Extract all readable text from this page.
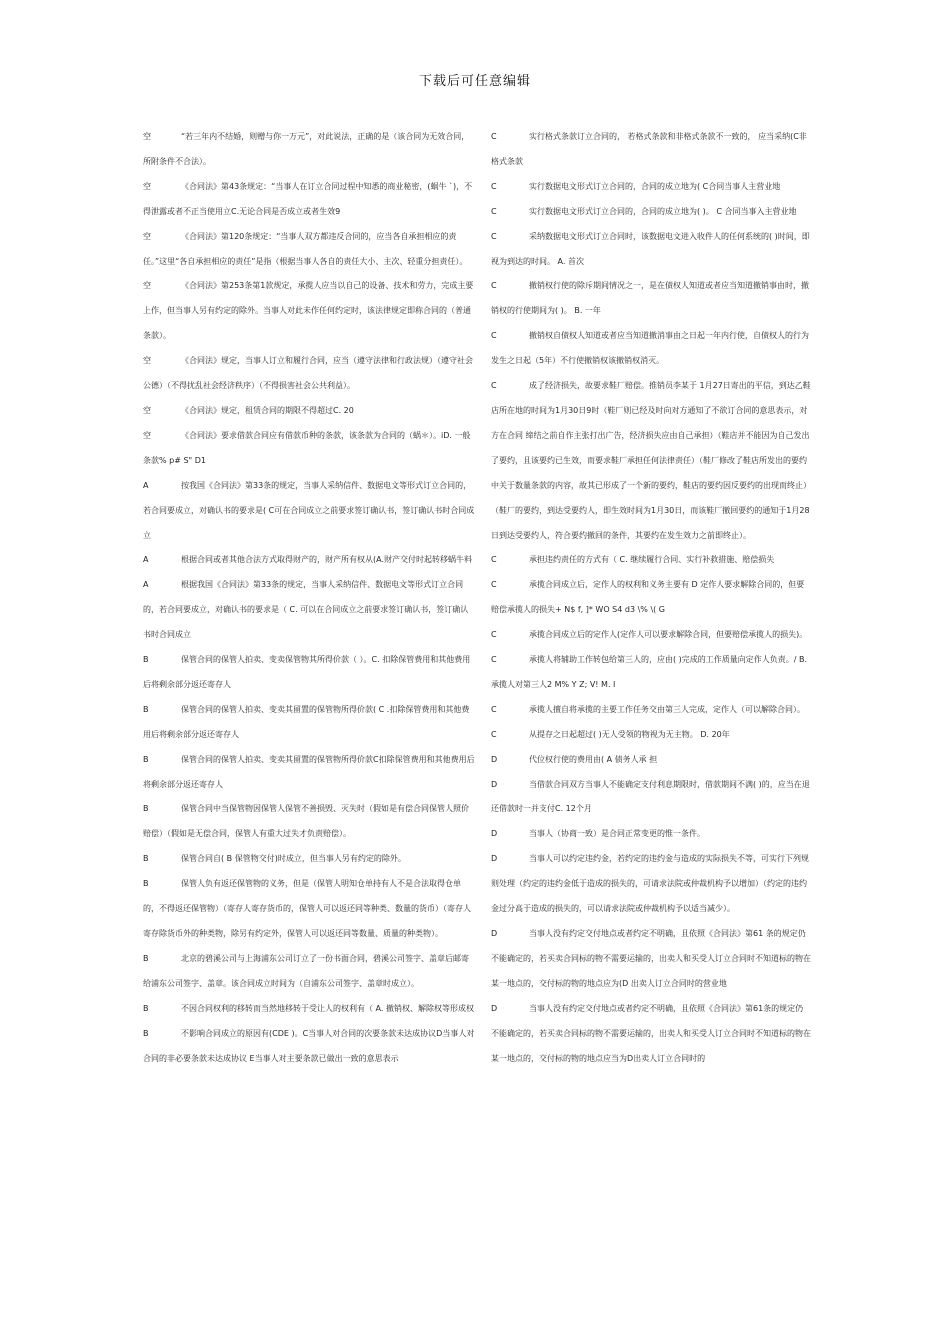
下载后可任意编辑

空	“若三年内不结婚，则赠与你一万元”，对此说法，正确的是（该合同为无效合同，所附条件不合法）。

空	《合同法》第43条规定：“当事人在订立合同过程中知悉的商业秘密，(蜗牛 `)，不得泄露或者不正当使用立C.无论合同是否成立或者生效9

空	《合同法》第120条规定：“当事人双方都违反合同的，应当各自承担相应的责任。”这里“各自承担相应的责任”是指（根据当事人各自的责任大小、主次、轻重分担责任）。

空	《合同法》第253条第1款规定，承揽人应当以自己的设备、技术和劳力，完成主要上作，但当事人另有约定的除外。当事人对此未作任何约定时，该法律规定即称合同的（普通条款）。

空	《合同法》规定，当事人订立和履行合同，应当（遵守法律和行政法规）（遵守社会公德）（不得扰乱社会经济秩序）（不得损害社会公共利益）。

空	《合同法》规定，租赁合同的期限不得超过C. 20

空	《合同法》要求借款合同应有借款币种的条款，该条款为合同的（蜗＊）。iD. 一般条款% p# S" D1

A	按我国《合同法》第33条的规定，当事人采纳信件、数据电文等形式订立合同的，若合同要成立，对确认书的要求是( C可在合同成立之前要求签订确认书，签订确认书时合同成立

A	根据合同或者其他合法方式取得财产的，财产所有权从(A.财产交付时起转移蜗牛料

A	根据我国《合同法》第33条的规定，当事人采纳信件、数据电文等形式订立合同的，若合同要成立，对确认书的要求是（ C. 可以在合同成立之前要求签订确认书，签订确认书时合同成立

B	保管合同的保管人拍卖、变卖保管物其所得价款（ ）。C. 扣除保管费用和其他费用后将剩余部分返还寄存人

B	保管合同的保管人拍卖、变卖其留置的保管物所得价款( C .扣除保管费用和其他费用后将剩余部分返还寄存人

B	保管合同的保管人拍卖、变卖其留置的保管物所得价款C扣除保管费用和其他费用后将剩余部分返还寄存人

B	保管合同中当保管物因保管人保管不善损毁、灭失时（假如是有偿合同保管人照价赔偿）（假如是无偿合同，保管人有重大过失才负责赔偿）。

B	保管合同自( B 保管物交付)时成立，但当事人另有约定的除外。

B	保管人负有返还保管物的义务，但是（保管人明知仓单持有人不是合法取得仓单的，不得返还保管物）（寄存人寄存货币的，保管人可以返还同等种类、数量的货币）（寄存人寄存除货币外的种类物，除另有约定外，保管人可以返还同等数量、质量的种类物）。

B	北京的碧溪公司与上海浦东公司订立了一份书面合同，碧溪公司签字、盖章后邮寄给浦东公司签字、盖章。该合同成立时间为（自浦东公司签字、盖章时成立）。

B	不因合同权利的移转而当然地移转于受让人的权利有（ A. 撤销权、解除权等形成权

B	不影响合同成立的原因有(CDE )。C当事人对合同的次要条款未达成协议D当事人对合同的非必要条款未达成协议 E当事人对主要条款已做出一致的意思表示

C	实行格式条款订立合同的， 若格式条款和非格式条款不一致的， 应当采纳(C非格式条款

C	实行数据电文形式订立合同的，合同的成立地为( C合同当事人主营业地

C	实行数据电文形式订立合同的，合同的成立地为( )。 C 合同当事入主营业地

C	采纳数据电文形式订立合同时，该数据电文进入收件人的任何系统的( )时间，即视为到达的时间。 A. 首次

C	撤销权行使的除斥期间情况之一，是在债权人知道或者应当知道撤销事由时，撤销权的行使期间为( )。 B. 一年

C	撤销权自债权人知道或者应当知道撤消事由之日起一年内行使，自债权人的行为发生之日起（5年）不行使撤销权该撤销权消灭。

C	成了经济损失，故要求鞋厂赔偿。推销员李某于 1月27日寄出的平信，到达乙鞋店所在地的时间为1月30日9时（鞋厂则已经及时向对方通知了不欲订合同的意思表示，对方在合同 缔结之前自作主张打出广告，经济损失应由自己承担）（鞋店并不能因为自己发出了要约，且该要约已生效，而要求鞋厂承担任何法律责任）（鞋厂修改了鞋店所发出的要约中关于数量条款的内容，故其已形成了一个新的要约，鞋店的要约因反要约的出现而终止）（鞋厂的要约，到达受要约人，即生效时间为1月30日，而该鞋厂撤回要约的通知于1月28日到达受要约人，符合要约撤回的条件，其要约在发生效力之前即终止）。

C	承担违约责任的方式有（ C. 继续履行合同、实行补救措施、赔偿损失

C	承揽合同成立后，定作人的权利和义务主要有 D 定作人要求解除合同的，但要赔偿承揽人的损失+ N$ f, ]* WO S4 d3 \% \( G

C	承揽合同成立后的定作人(定作人可以要求解除合同，但要赔偿承揽人的损失)。

C	承揽人将辅助工作转包给第三人的，应由( )完成的工作质量向定作人负责。/ B. 承揽人对第三人2 M% Y Z; V! M. I

C	承揽人擅自将承揽的主要工作任务交由第三人完成，定作人（可以解除合同）。

C	从提存之日起超过( )无人受领的物视为无主物。 D. 20年

D	代位权行使的费用由( A 债务人承 担

D	当借款合同双方当事人不能确定支付利息期限时，借款期间不满( )的，应当在退还借款时一并支付C. 12个月

D	当事人（协商一致）是合同正常变更的惟一条件。

D	当事人可以约定违约金，若约定的违约金与造成的实际损失不等，可实行下列规则处理（约定的违约金低于造成的损失的，可请求法院或仲裁机构予以增加）（约定的违约金过分高于造成的损失的，可以请求法院或仲裁机构予以适当减少）。

D	当事人没有约定交付地点或者约定不明确，且依照《合同法》第61 条的规定仍不能确定的，若买卖合同标的物不需要运输的，出卖人和买受人订立合同时不知道标的物在某一地点的，交付标的物的地点应为(D 出卖人订立合同时的营业地

D	当事人没有约定交付地点或者约定不明确，且依照《合同法》第61条的规定仍不能确定的，若买卖合同标的物不需要运输的，出卖人和买受人订立合同时不知道标的物在某一地点的，交付标的物的地点应当为D出卖人订立合同时的
